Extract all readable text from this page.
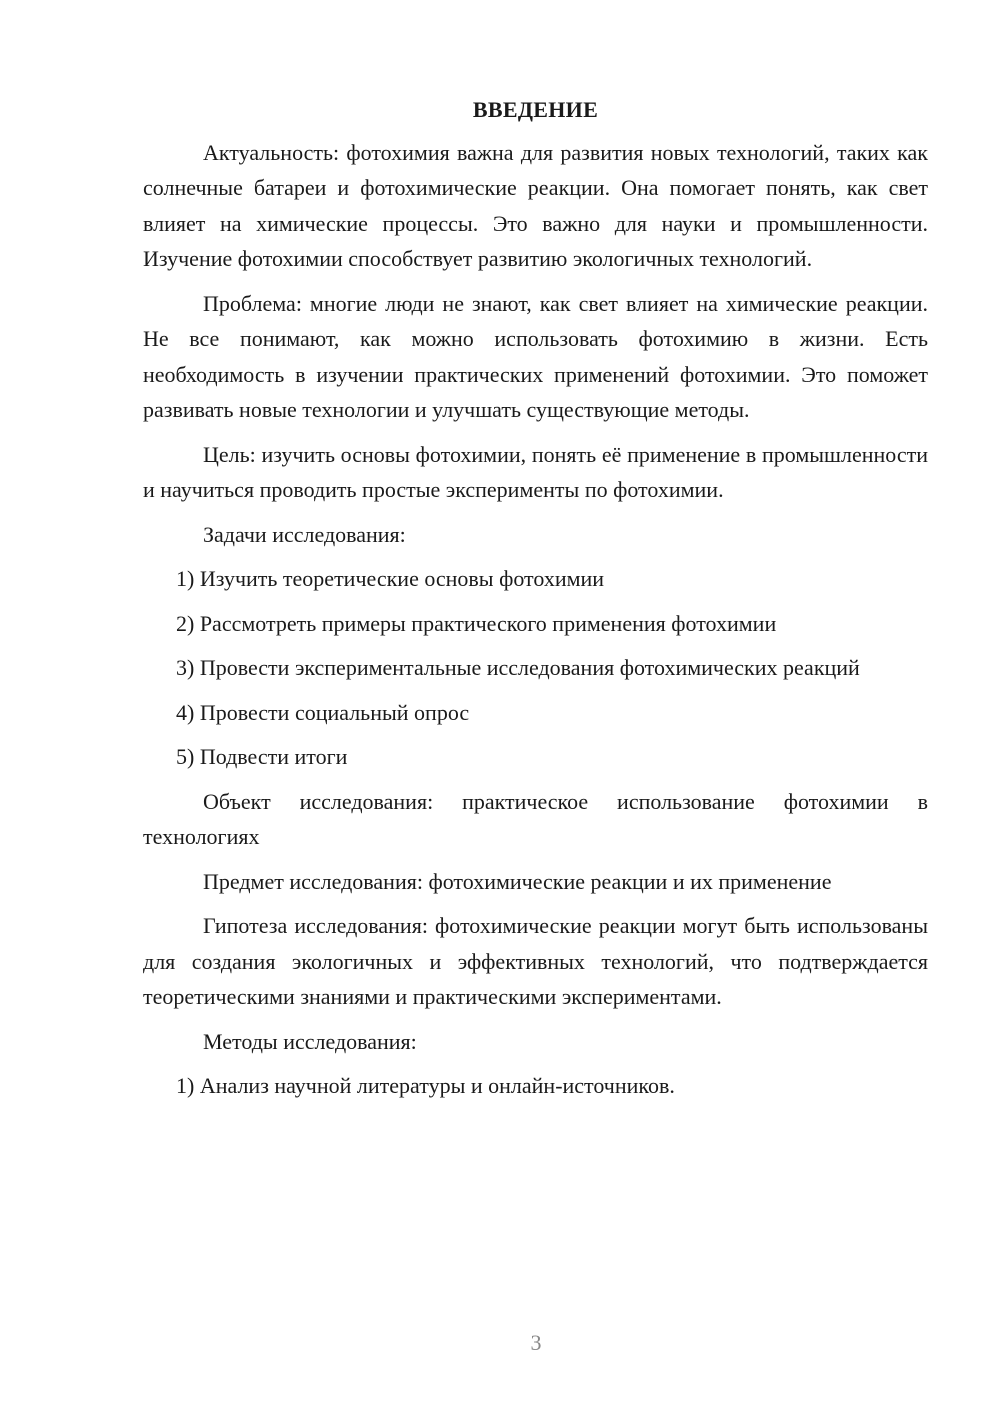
ВВЕДЕНИЕ
Актуальность: фотохимия важна для развития новых технологий, таких как солнечные батареи и фотохимические реакции. Она помогает понять, как свет влияет на химические процессы. Это важно для науки и промышленности. Изучение фотохимии способствует развитию экологичных технологий.
Проблема: многие люди не знают, как свет влияет на химические реакции. Не все понимают, как можно использовать фотохимию в жизни. Есть необходимость в изучении практических применений фотохимии. Это поможет развивать новые технологии и улучшать существующие методы.
Цель: изучить основы фотохимии, понять её применение в промышленности и научиться проводить простые эксперименты по фотохимии.
Задачи исследования:
1) Изучить теоретические основы фотохимии
2) Рассмотреть примеры практического применения фотохимии
3) Провести экспериментальные исследования фотохимических реакций
4) Провести социальный опрос
5) Подвести итоги
Объект исследования: практическое использование фотохимии в технологиях
Предмет исследования: фотохимические реакции и их применение
Гипотеза исследования: фотохимические реакции могут быть использованы для создания экологичных и эффективных технологий, что подтверждается теоретическими знаниями и практическими экспериментами.
Методы исследования:
1) Анализ научной литературы и онлайн-источников.
3
